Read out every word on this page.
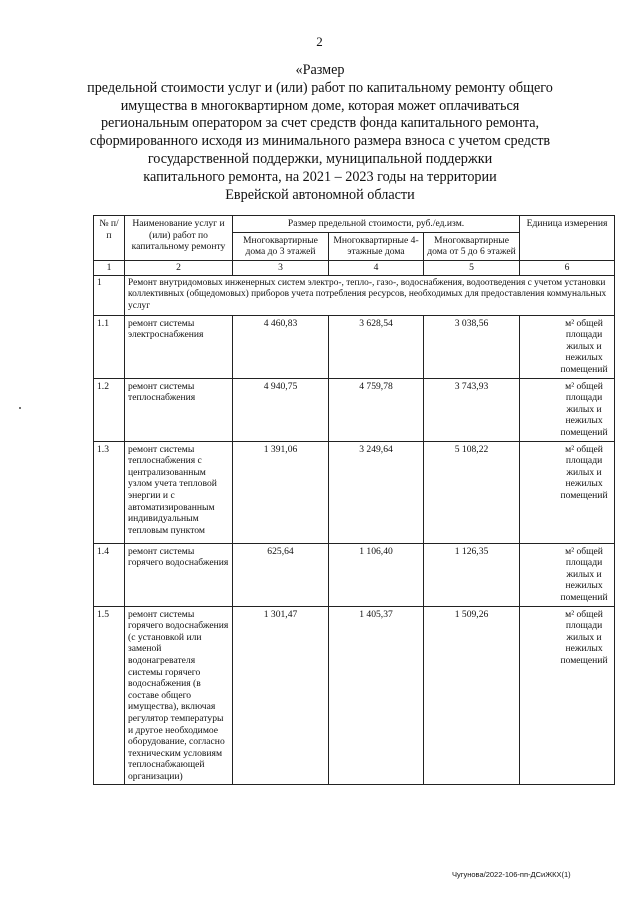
2
«Размер
предельной стоимости услуг и (или) работ по капитальному ремонту общего
имущества в многоквартирном доме, которая может оплачиваться
региональным оператором за счет средств фонда капитального ремонта,
сформированного исходя из минимального размера взноса с учетом средств
государственной поддержки, муниципальной поддержки
капитального ремонта, на 2021 – 2023 годы на территории
Еврейской автономной области
№ п/п	Наименование услуг и (или) работ по капитальному ремонту	Размер предельной стоимости, руб./ед.изм.			Единица измерения
		Многоквартирные дома до 3 этажей	Многоквартирные 4-этажные дома	Многоквартирные дома от 5 до 6 этажей	
1	2	3	4	5	6
1	Ремонт внутридомовых инженерных систем электро-, тепло-, газо-, водоснабжения, водоотведения с учетом установки коллективных (общедомовых) приборов учета потребления ресурсов, необходимых для предоставления коммунальных услуг				
1.1	ремонт системы электроснабжения	4 460,83	3 628,54	3 038,56	м² общей площади жилых и нежилых помещений
1.2	ремонт системы теплоснабжения	4 940,75	4 759,78	3 743,93	м² общей площади жилых и нежилых помещений
1.3	ремонт системы теплоснабжения с централизованным узлом учета тепловой энергии и с автоматизированным индивидуальным тепловым пунктом	1 391,06	3 249,64	5 108,22	м² общей площади жилых и нежилых помещений
1.4	ремонт системы горячего водоснабжения	625,64	1 106,40	1 126,35	м² общей площади жилых и нежилых помещений
1.5	ремонт системы горячего водоснабжения (с установкой или заменой водонагревателя системы горячего водоснабжения (в составе общего имущества), включая регулятор температуры и другое необходимое оборудование, согласно техническим условиям теплоснабжающей организации)	1 301,47	1 405,37	1 509,26	м² общей площади жилых и нежилых помещений
Чугунова/2022-106-пп-ДСиЖКХ(1)
